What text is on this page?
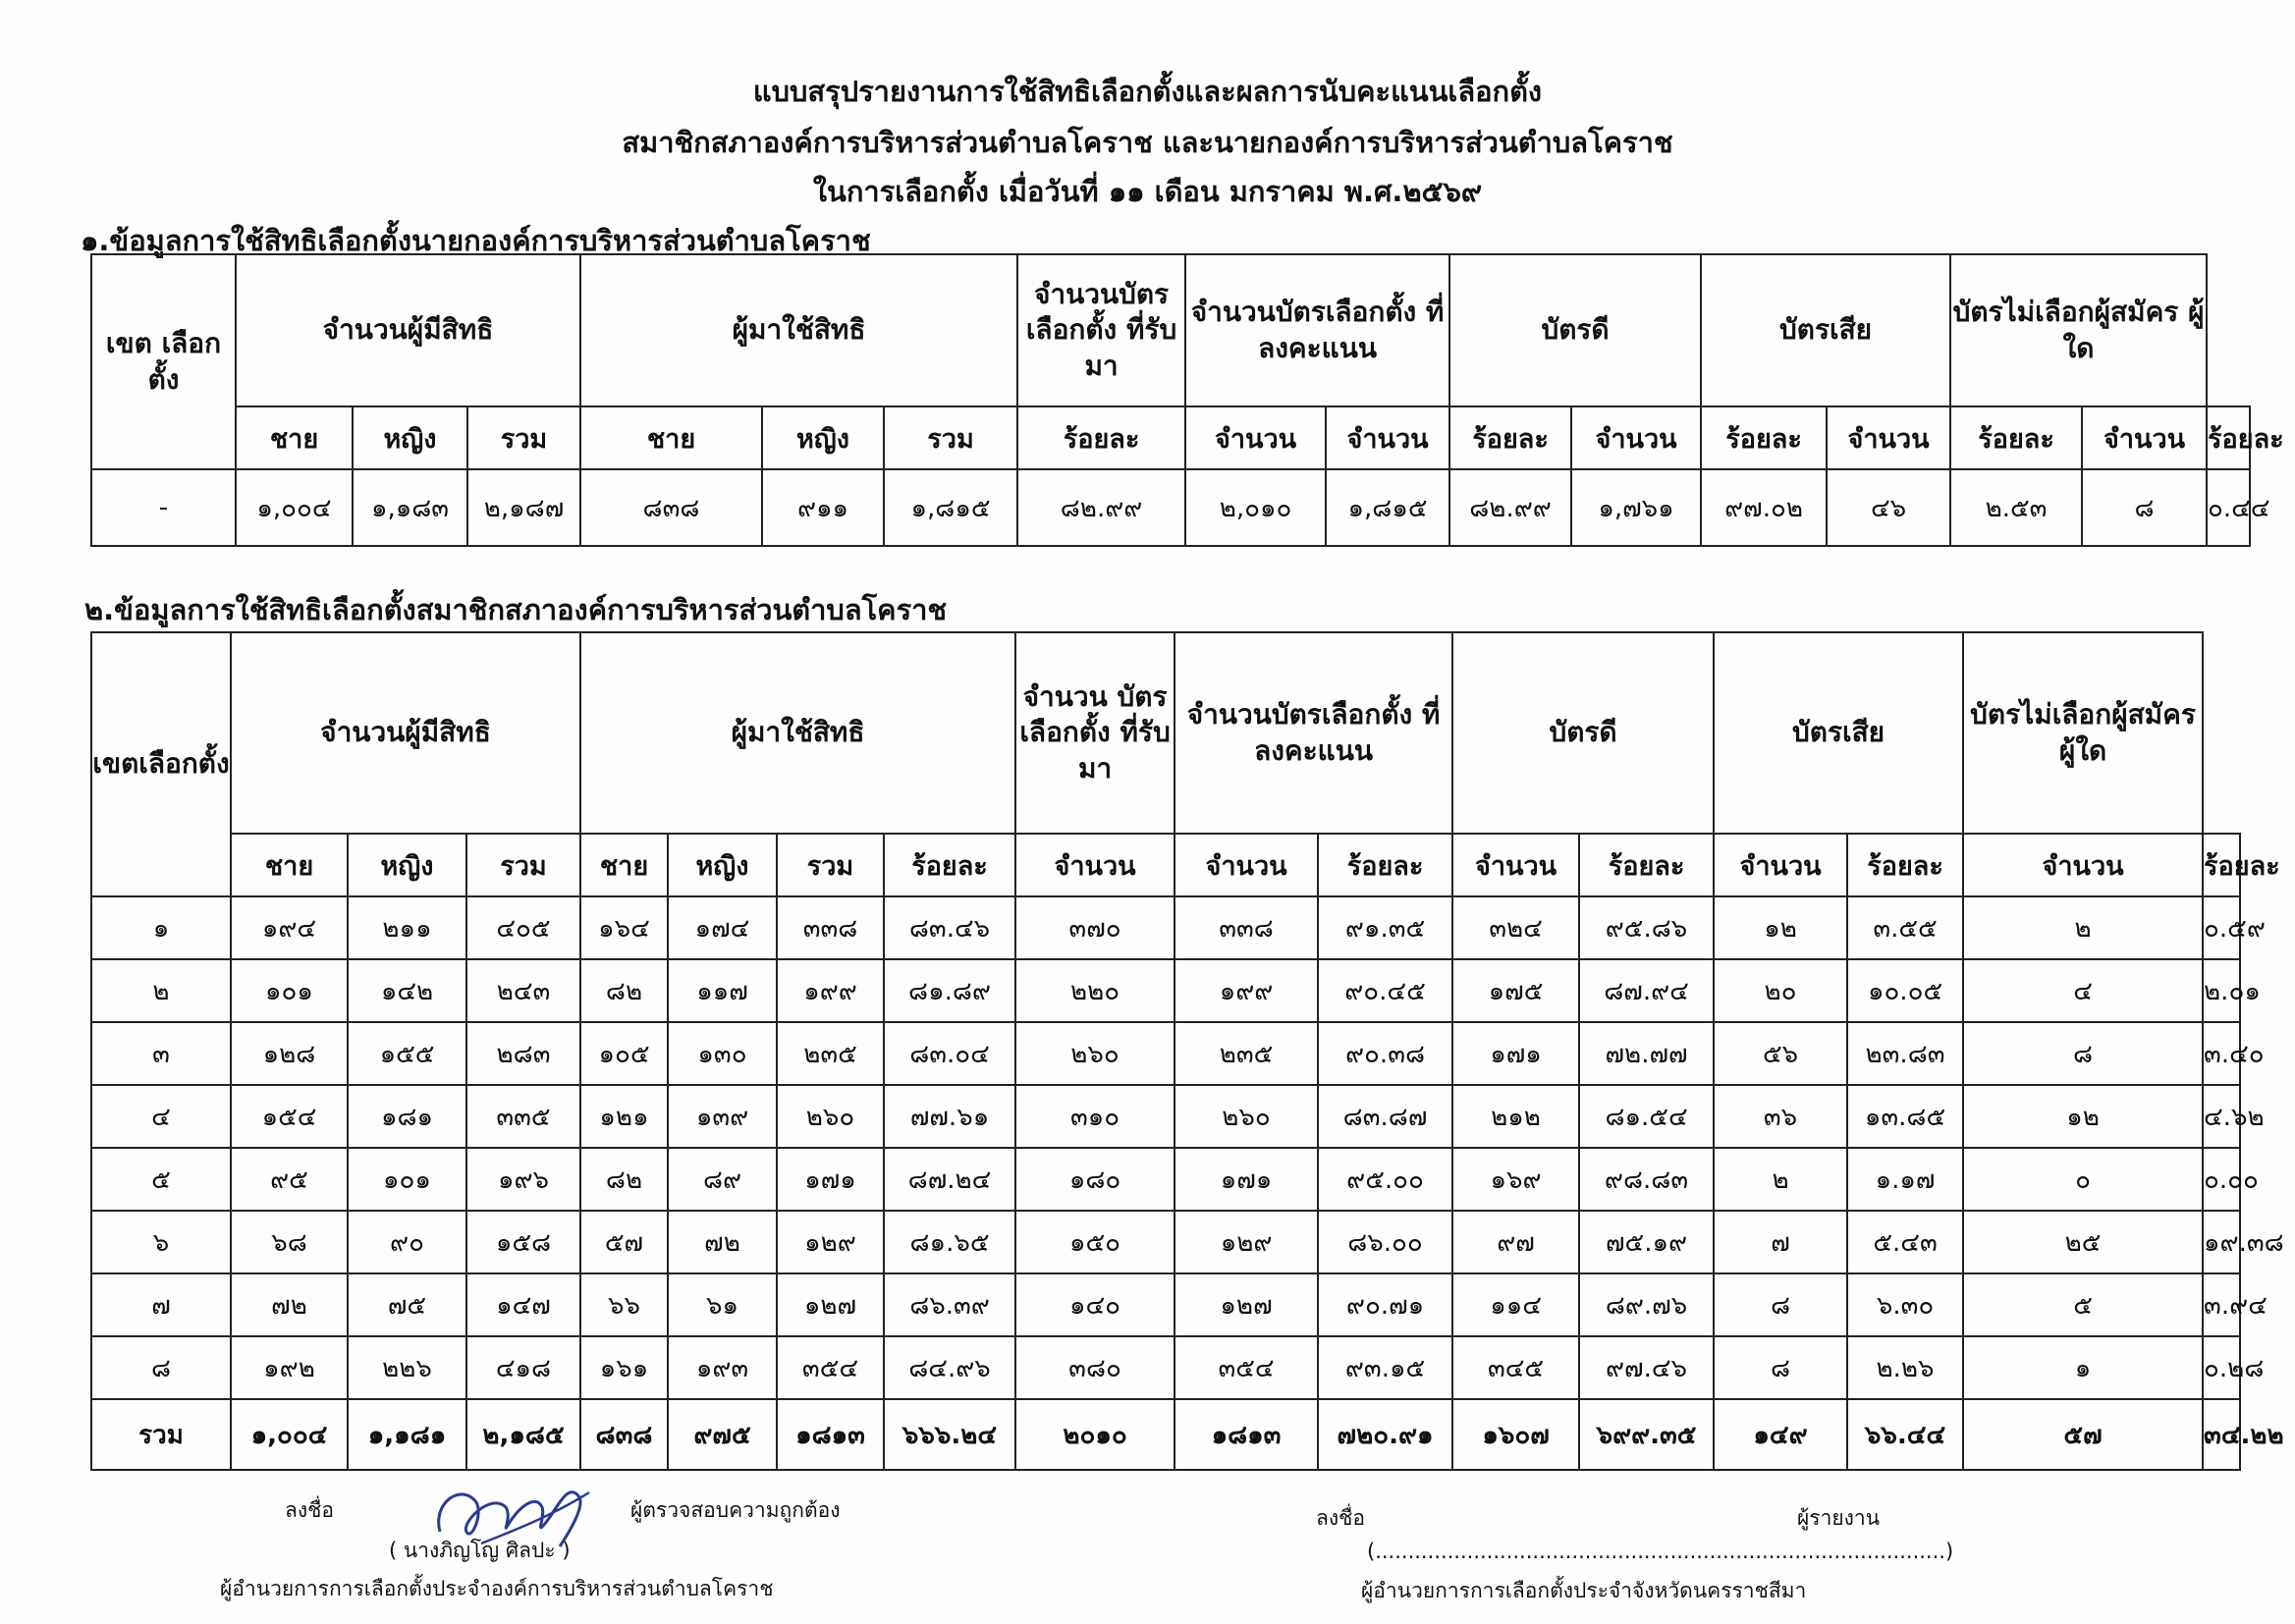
แบบสรุปรายงานการใช้สิทธิเลือกตั้งและผลการนับคะแนนเลือกตั้ง
สมาชิกสภาองค์การบริหารส่วนตำบลโคราช และนายกองค์การบริหารส่วนตำบลโคราช
ในการเลือกตั้ง เมื่อวันที่ ๑๑ เดือน มกราคม พ.ศ.๒๕๖๙
๑.ข้อมูลการใช้สิทธิเลือกตั้งนายกองค์การบริหารส่วนตำบลโคราช
เขต เลือกตั้ง	จำนวนผู้มีสิทธิ			ผู้มาใช้สิทธิ			จำนวนบัตร เลือกตั้ง ที่รับมา	จำนวนบัตรเลือกตั้ง ที่ลงคะแนน		บัตรดี		บัตรเสีย		บัตรไม่เลือกผู้สมัคร ผู้ใด		
	ชาย	หญิง	รวม	ชาย	หญิง	รวม	ร้อยละ	จำนวน	จำนวน	ร้อยละ	จำนวน	ร้อยละ	จำนวน	ร้อยละ	จำนวน	ร้อยละ
-	๑,๐๐๔	๑,๑๘๓	๒,๑๘๗	๘๓๘	๙๑๑	๑,๘๑๕	๘๒.๙๙	๒,๐๑๐	๑,๘๑๕	๘๒.๙๙	๑,๗๖๑	๙๗.๐๒	๔๖	๒.๕๓	๘	๐.๔๔
๒.ข้อมูลการใช้สิทธิเลือกตั้งสมาชิกสภาองค์การบริหารส่วนตำบลโคราช
เขตเลือกตั้ง	จำนวนผู้มีสิทธิ			ผู้มาใช้สิทธิ				จำนวน บัตร เลือกตั้ง ที่รับมา	จำนวนบัตรเลือกตั้ง ที่ลงคะแนน		บัตรดี		บัตรเสีย		บัตรไม่เลือกผู้สมัคร ผู้ใด	
	ชาย	หญิง	รวม	ชาย	หญิง	รวม	ร้อยละ	จำนวน	จำนวน	ร้อยละ	จำนวน	ร้อยละ	จำนวน	ร้อยละ	จำนวน	ร้อยละ
๑	๑๙๔	๒๑๑	๔๐๕	๑๖๔	๑๗๔	๓๓๘	๘๓.๔๖	๓๗๐	๓๓๘	๙๑.๓๕	๓๒๔	๙๕.๘๖	๑๒	๓.๕๕	๒	๐.๕๙
๒	๑๐๑	๑๔๒	๒๔๓	๘๒	๑๑๗	๑๙๙	๘๑.๘๙	๒๒๐	๑๙๙	๙๐.๔๕	๑๗๕	๘๗.๙๔	๒๐	๑๐.๐๕	๔	๒.๐๑
๓	๑๒๘	๑๕๕	๒๘๓	๑๐๕	๑๓๐	๒๓๕	๘๓.๐๔	๒๖๐	๒๓๕	๙๐.๓๘	๑๗๑	๗๒.๗๗	๕๖	๒๓.๘๓	๘	๓.๔๐
๔	๑๕๔	๑๘๑	๓๓๕	๑๒๑	๑๓๙	๒๖๐	๗๗.๖๑	๓๑๐	๒๖๐	๘๓.๘๗	๒๑๒	๘๑.๕๔	๓๖	๑๓.๘๕	๑๒	๔.๖๒
๕	๙๕	๑๐๑	๑๙๖	๘๒	๘๙	๑๗๑	๘๗.๒๔	๑๘๐	๑๗๑	๙๕.๐๐	๑๖๙	๙๘.๘๓	๒	๑.๑๗	๐	๐.๐๐
๖	๖๘	๙๐	๑๕๘	๕๗	๗๒	๑๒๙	๘๑.๖๕	๑๕๐	๑๒๙	๘๖.๐๐	๙๗	๗๕.๑๙	๗	๕.๔๓	๒๕	๑๙.๓๘
๗	๗๒	๗๕	๑๔๗	๖๖	๖๑	๑๒๗	๘๖.๓๙	๑๔๐	๑๒๗	๙๐.๗๑	๑๑๔	๘๙.๗๖	๘	๖.๓๐	๕	๓.๙๔
๘	๑๙๒	๒๒๖	๔๑๘	๑๖๑	๑๙๓	๓๕๔	๘๔.๙๖	๓๘๐	๓๕๔	๙๓.๑๕	๓๔๕	๙๗.๔๖	๘	๒.๒๖	๑	๐.๒๘
รวม	๑,๐๐๔	๑,๑๘๑	๒,๑๘๕	๘๓๘	๙๗๕	๑๘๑๓	๖๖๖.๒๔	๒๐๑๐	๑๘๑๓	๗๒๐.๙๑	๑๖๐๗	๖๙๙.๓๕	๑๔๙	๖๖.๔๔	๕๗	๓๔.๒๒
ลงชื่อ	ผู้ตรวจสอบความถูกต้อง
( นางภิญโญ ศิลปะ )
ผู้อำนวยการการเลือกตั้งประจำองค์การบริหารส่วนตำบลโคราช
ลงชื่อ	ผู้รายงาน
(.......................................................................................)
ผู้อำนวยการการเลือกตั้งประจำจังหวัดนครราชสีมา
